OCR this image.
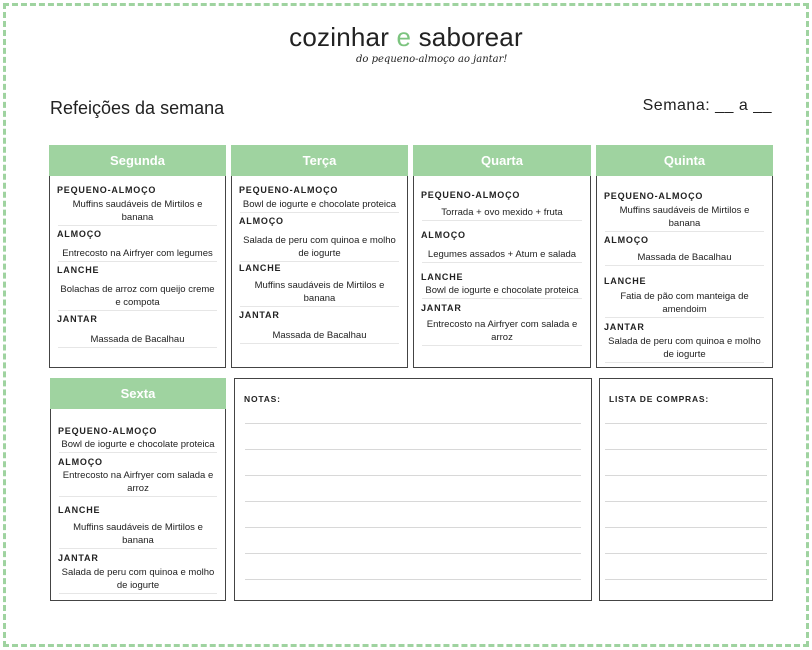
cozinhar e saborear
do pequeno-almoço ao jantar!
Refeições da semana	Semana: __ a __
Segunda
PEQUENO-ALMOÇO
Muffins saudáveis de Mirtilos e banana
ALMOÇO
Entrecosto na Airfryer com legumes
LANCHE
Bolachas de arroz com queijo creme e compota
JANTAR
Massada de Bacalhau
Terça
PEQUENO-ALMOÇO
Bowl de iogurte e chocolate proteica
ALMOÇO
Salada de peru com quinoa e molho de iogurte
LANCHE
Muffins saudáveis de Mirtilos e banana
JANTAR
Massada de Bacalhau
Quarta
PEQUENO-ALMOÇO
Torrada + ovo mexido + fruta
ALMOÇO
Legumes assados + Atum e salada
LANCHE
Bowl de iogurte e chocolate proteica
JANTAR
Entrecosto na Airfryer com salada e arroz
Quinta
PEQUENO-ALMOÇO
Muffins saudáveis de Mirtilos e banana
ALMOÇO
Massada de Bacalhau
LANCHE
Fatia de pão com manteiga de amendoim
JANTAR
Salada de peru com quinoa e molho de iogurte
Sexta
PEQUENO-ALMOÇO
Bowl de iogurte e chocolate proteica
ALMOÇO
Entrecosto na Airfryer com salada e arroz
LANCHE
Muffins saudáveis de Mirtilos e banana
JANTAR
Salada de peru com quinoa e molho de iogurte
NOTAS:	LISTA DE COMPRAS:
